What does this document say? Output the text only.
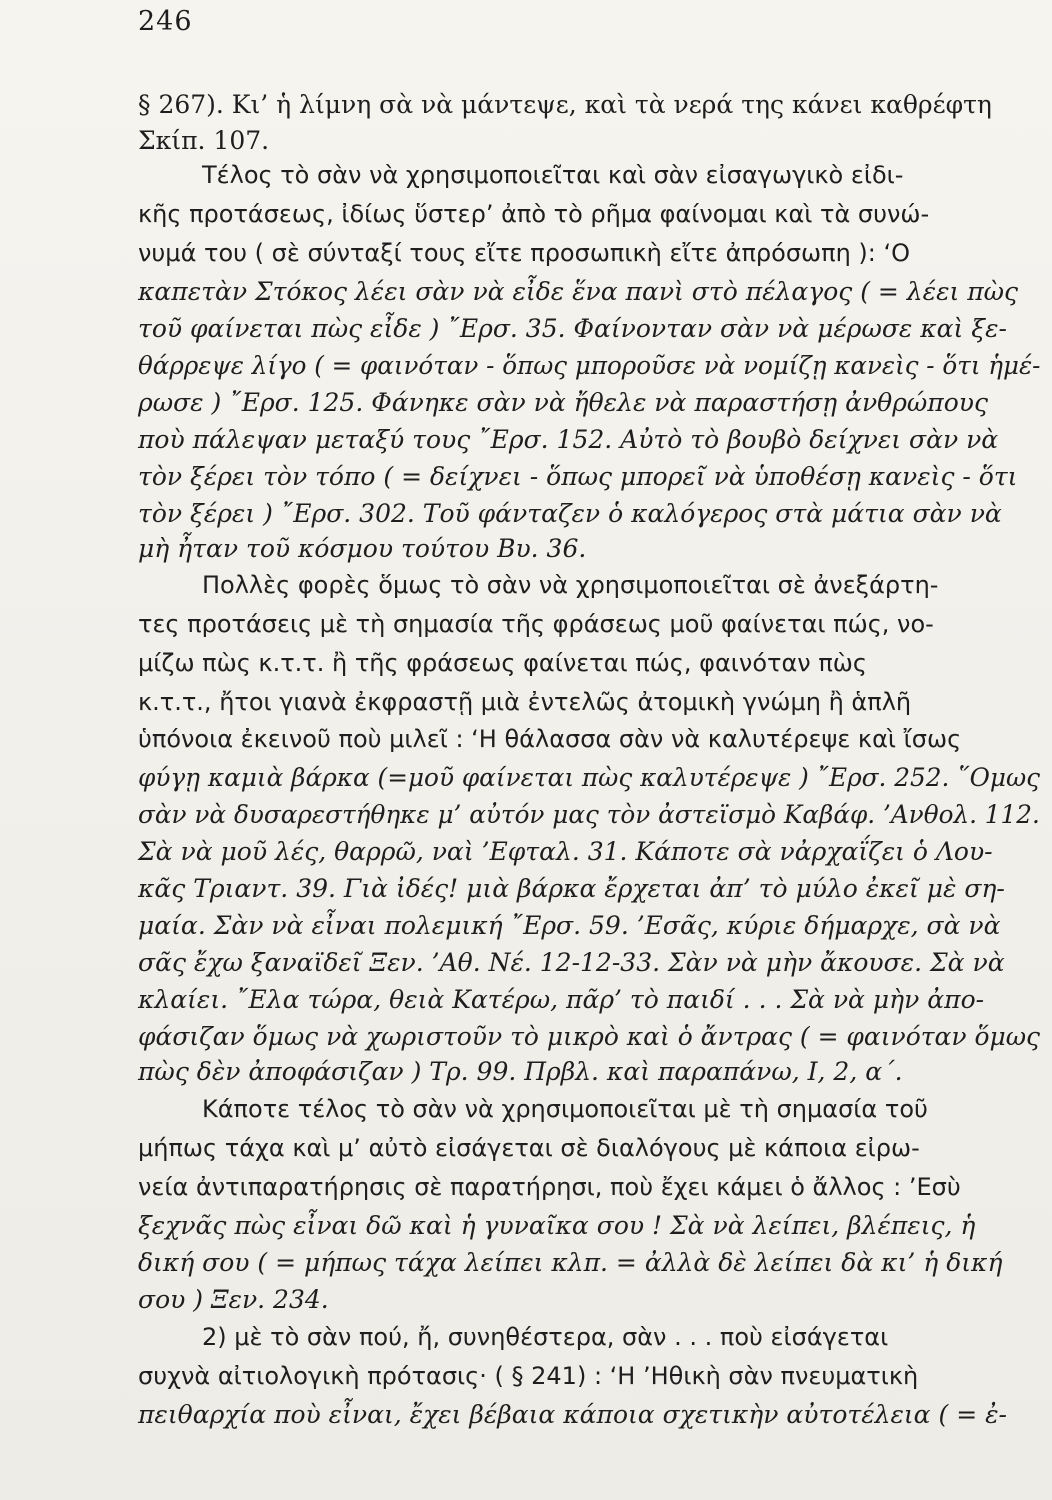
246
§ 267). Κι’ ἡ λίμνη σὰ νὰ μάντεψε, καὶ τὰ νερά της κάνει καθρέφτη
Σκίπ. 107.
Τέλος τὸ σὰν νὰ χρησιμοποιεῖται καὶ σὰν εἰσαγωγικὸ εἰδι-
κῆς προτάσεως, ἰδίως ὕστερ’ ἀπὸ τὸ ρῆμα φαίνομαι καὶ τὰ συνώ-
νυμά του ( σὲ σύνταξί τους εἴτε προσωπικὴ εἴτε ἀπρόσωπη ): ‘Ο
καπετὰν Στόκος λέει σὰν νὰ εἶδε ἕνα πανὶ στὸ πέλαγος ( = λέει πὼς
τοῦ φαίνεται πὼς εἶδε ) ῎Ερσ. 35. Φαίνονταν σὰν νὰ μέρωσε καὶ ξε-
θάρρεψε λίγο ( = φαινόταν - ὅπως μποροῦσε νὰ νομίζῃ κανεὶς - ὅτι ἡμέ-
ρωσε ) ῎Ερσ. 125. Φάνηκε σὰν νὰ ἤθελε νὰ παραστήσῃ ἀνθρώπους
ποὺ πάλεψαν μεταξύ τους ῎Ερσ. 152. Αὐτὸ τὸ βουβὸ δείχνει σὰν νὰ
τὸν ξέρει τὸν τόπο ( = δείχνει - ὅπως μπορεῖ νὰ ὑποθέσῃ κανεὶς - ὅτι
τὸν ξέρει ) ῎Ερσ. 302. Τοῦ φάνταζεν ὁ καλόγερος στὰ μάτια σὰν νὰ
μὴ ἦταν τοῦ κόσμου τούτου Βυ. 36.
Πολλὲς φορὲς ὅμως τὸ σὰν νὰ χρησιμοποιεῖται σὲ ἀνεξάρτη-
τες προτάσεις μὲ τὴ σημασία τῆς φράσεως μοῦ φαίνεται πώς, νο-
μίζω πὼς κ.τ.τ. ἢ τῆς φράσεως φαίνεται πώς, φαινόταν πὼς
κ.τ.τ., ἤτοι γιανὰ ἐκφραστῇ μιὰ ἐντελῶς ἀτομικὴ γνώμη ἢ ἁπλῆ
ὑπόνοια ἐκεινοῦ ποὺ μιλεῖ : ‘Η θάλασσα σὰν νὰ καλυτέρεψε καὶ ἴσως
φύγῃ καμιὰ βάρκα (=μοῦ φαίνεται πὼς καλυτέρεψε ) ῎Ερσ. 252. ῞Ομως
σὰν νὰ δυσαρεστήθηκε μ’ αὐτόν μας τὸν ἀστεϊσμὸ Καβάφ. ’Ανθολ. 112.
Σὰ νὰ μοῦ λές, θαρρῶ, ναὶ ’Εφταλ. 31. Κάποτε σὰ νἀρχαΐζει ὁ Λου-
κᾶς Τριαντ. 39. Γιὰ ἰδές! μιὰ βάρκα ἔρχεται ἀπ’ τὸ μύλο ἐκεῖ μὲ ση-
μαία. Σὰν νὰ εἶναι πολεμική ῎Ερσ. 59. ’Εσᾶς, κύριε δήμαρχε, σὰ νὰ
σᾶς ἔχω ξαναϊδεῖ Ξεν. ’Αθ. Νέ. 12-12-33. Σὰν νὰ μὴν ἄκουσε. Σὰ νὰ
κλαίει. ῎Ελα τώρα, θειὰ Κατέρω, πᾶρ’ τὸ παιδί . . . Σὰ νὰ μὴν ἀπο-
φάσιζαν ὅμως νὰ χωριστοῦν τὸ μικρὸ καὶ ὁ ἄντρας ( = φαινόταν ὅμως
πὼς δὲν ἀποφάσιζαν ) Τρ. 99. Πρβλ. καὶ παραπάνω, Ι, 2, α΄.
Κάποτε τέλος τὸ σὰν νὰ χρησιμοποιεῖται μὲ τὴ σημασία τοῦ
μήπως τάχα καὶ μ’ αὐτὸ εἰσάγεται σὲ διαλόγους μὲ κάποια εἰρω-
νεία ἀντιπαρατήρησις σὲ παρατήρησι, ποὺ ἔχει κάμει ὁ ἄλλος : ’Εσὺ
ξεχνᾶς πὼς εἶναι δῶ καὶ ἡ γυναῖκα σου ! Σὰ νὰ λείπει, βλέπεις, ἡ
δική σου ( = μήπως τάχα λείπει κλπ. = ἀλλὰ δὲ λείπει δὰ κι’ ἡ δική
σου ) Ξεν. 234.
2) μὲ τὸ σὰν πού, ἤ, συνηθέστερα, σὰν . . . ποὺ εἰσάγεται
συχνὰ αἰτιολογικὴ πρότασις· ( § 241) : ‘Η ’Ηθικὴ σὰν πνευματικὴ
πειθαρχία ποὺ εἶναι, ἔχει βέβαια κάποια σχετικὴν αὐτοτέλεια ( = ἐ-
